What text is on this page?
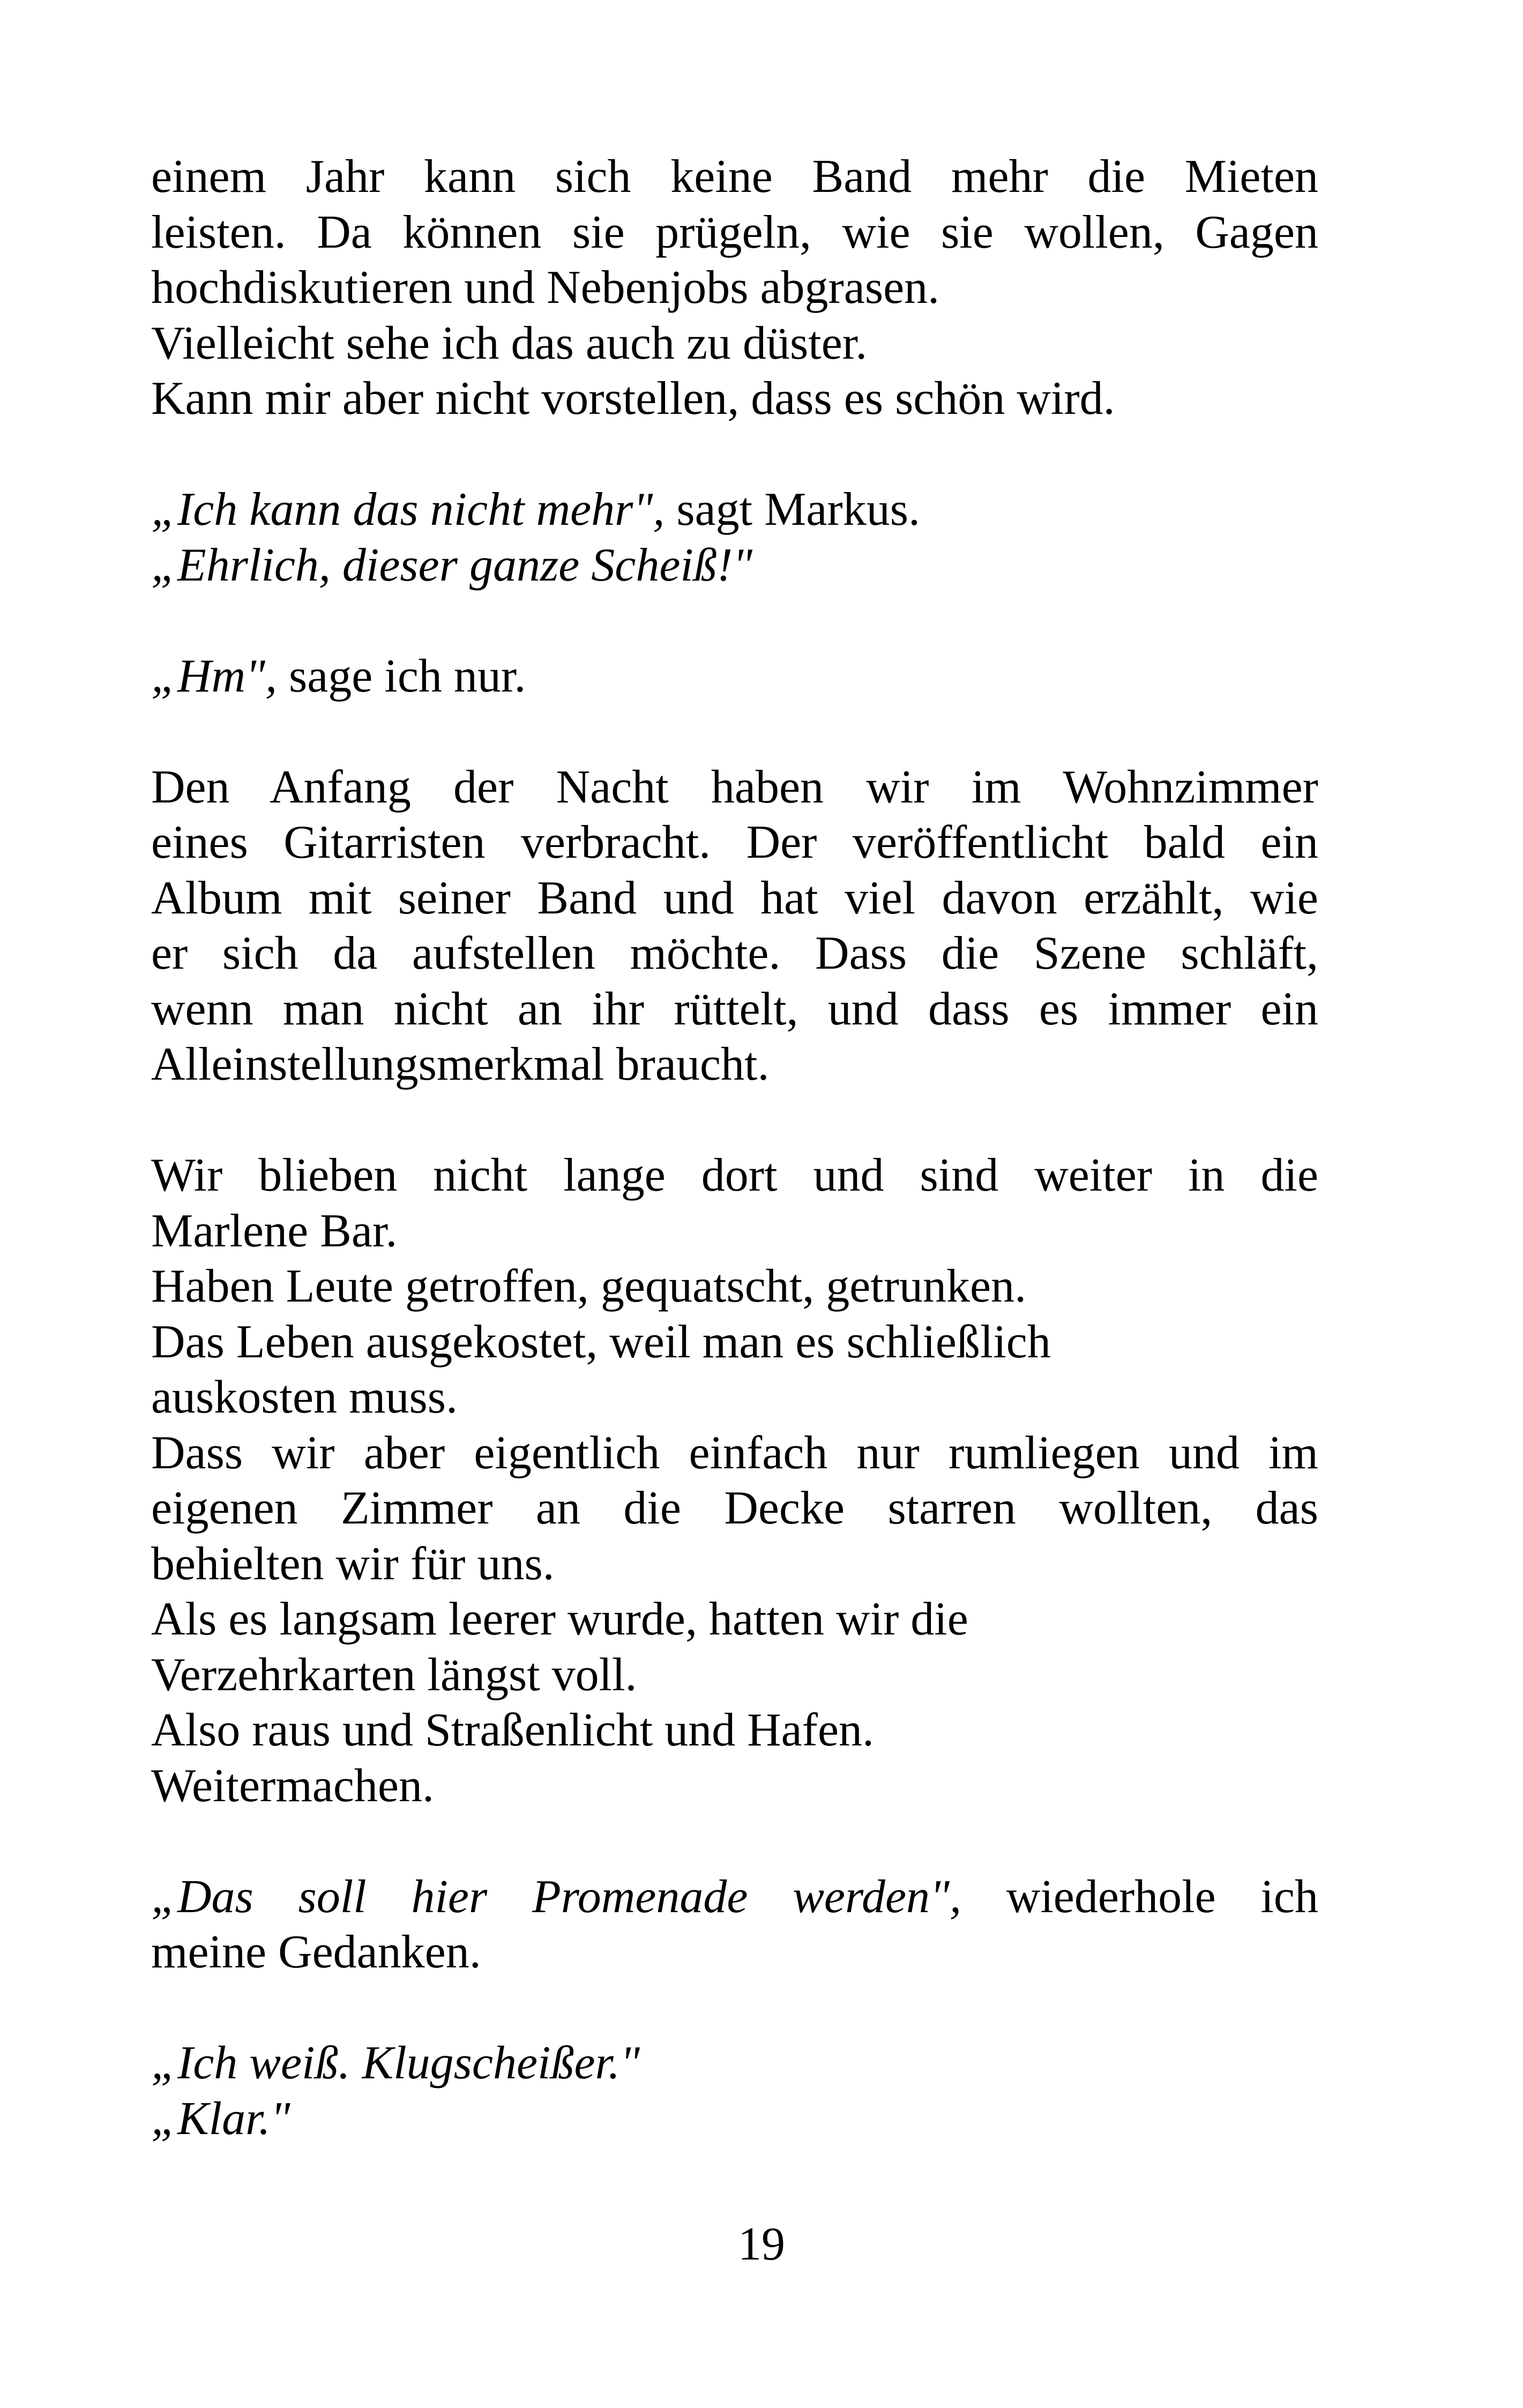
einem Jahr kann sich keine Band mehr die Mieten
leisten. Da können sie prügeln, wie sie wollen, Gagen
hochdiskutieren und Nebenjobs abgrasen.
Vielleicht sehe ich das auch zu düster.
Kann mir aber nicht vorstellen, dass es schön wird.
„Ich kann das nicht mehr", sagt Markus.
„Ehrlich, dieser ganze Scheiß!"
„Hm", sage ich nur.
Den Anfang der Nacht haben wir im Wohnzimmer
eines Gitarristen verbracht. Der veröffentlicht bald ein
Album mit seiner Band und hat viel davon erzählt, wie
er sich da aufstellen möchte. Dass die Szene schläft,
wenn man nicht an ihr rüttelt, und dass es immer ein
Alleinstellungsmerkmal braucht.
Wir blieben nicht lange dort und sind weiter in die
Marlene Bar.
Haben Leute getroffen, gequatscht, getrunken.
Das Leben ausgekostet, weil man es schließlich
auskosten muss.
Dass wir aber eigentlich einfach nur rumliegen und im
eigenen Zimmer an die Decke starren wollten, das
behielten wir für uns.
Als es langsam leerer wurde, hatten wir die
Verzehrkarten längst voll.
Also raus und Straßenlicht und Hafen.
Weitermachen.
„Das soll hier Promenade werden", wiederhole ich
meine Gedanken.
„Ich weiß. Klugscheißer."
„Klar."
19
